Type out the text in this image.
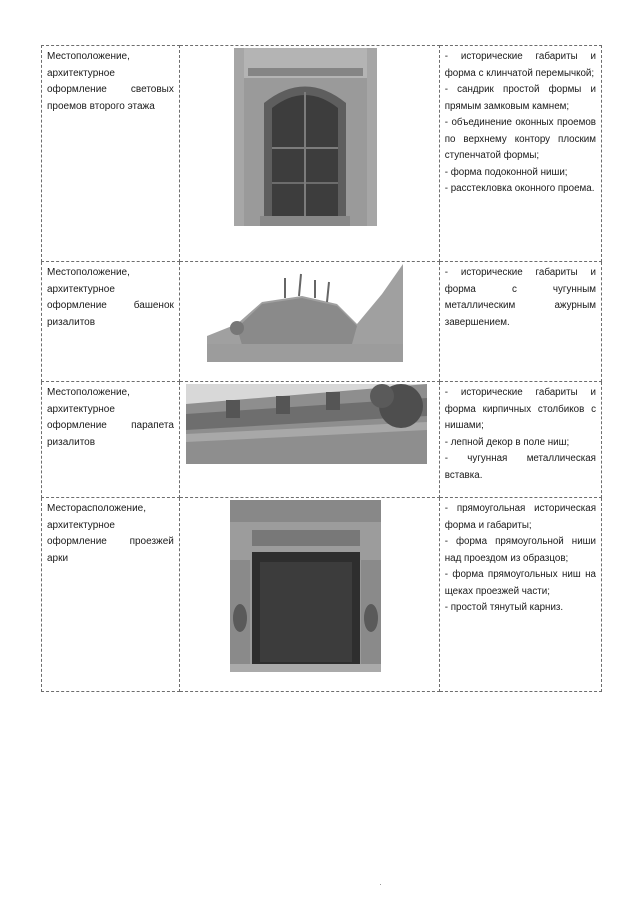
Местоположение, архитектурное оформление световых проемов второго этажа		- исторические габариты и форма с клинчатой перемычкой;
- сандрик простой формы и прямым замковым камнем;
- объединение оконных проемов по верхнему контору плоским ступенчатой формы;
- форма подоконной ниши;
- расстекловка оконного проема.

Местоположение, архитектурное оформление башенок ризалитов		- исторические габариты и форма с чугунным металлическим ажурным завершением.

Местоположение, архитектурное оформление парапета ризалитов		- исторические габариты и форма кирпичных столбиков с нишами;
- лепной декор в поле ниш;
- чугунная металлическая вставка.

Месторасположение, архитектурное оформление проезжей арки		- прямоугольная историческая форма и габариты;
- форма прямоугольной ниши над проездом из образцов;
- форма прямоугольных ниш на щеках проезжей части;
- простой тянутый карниз.
